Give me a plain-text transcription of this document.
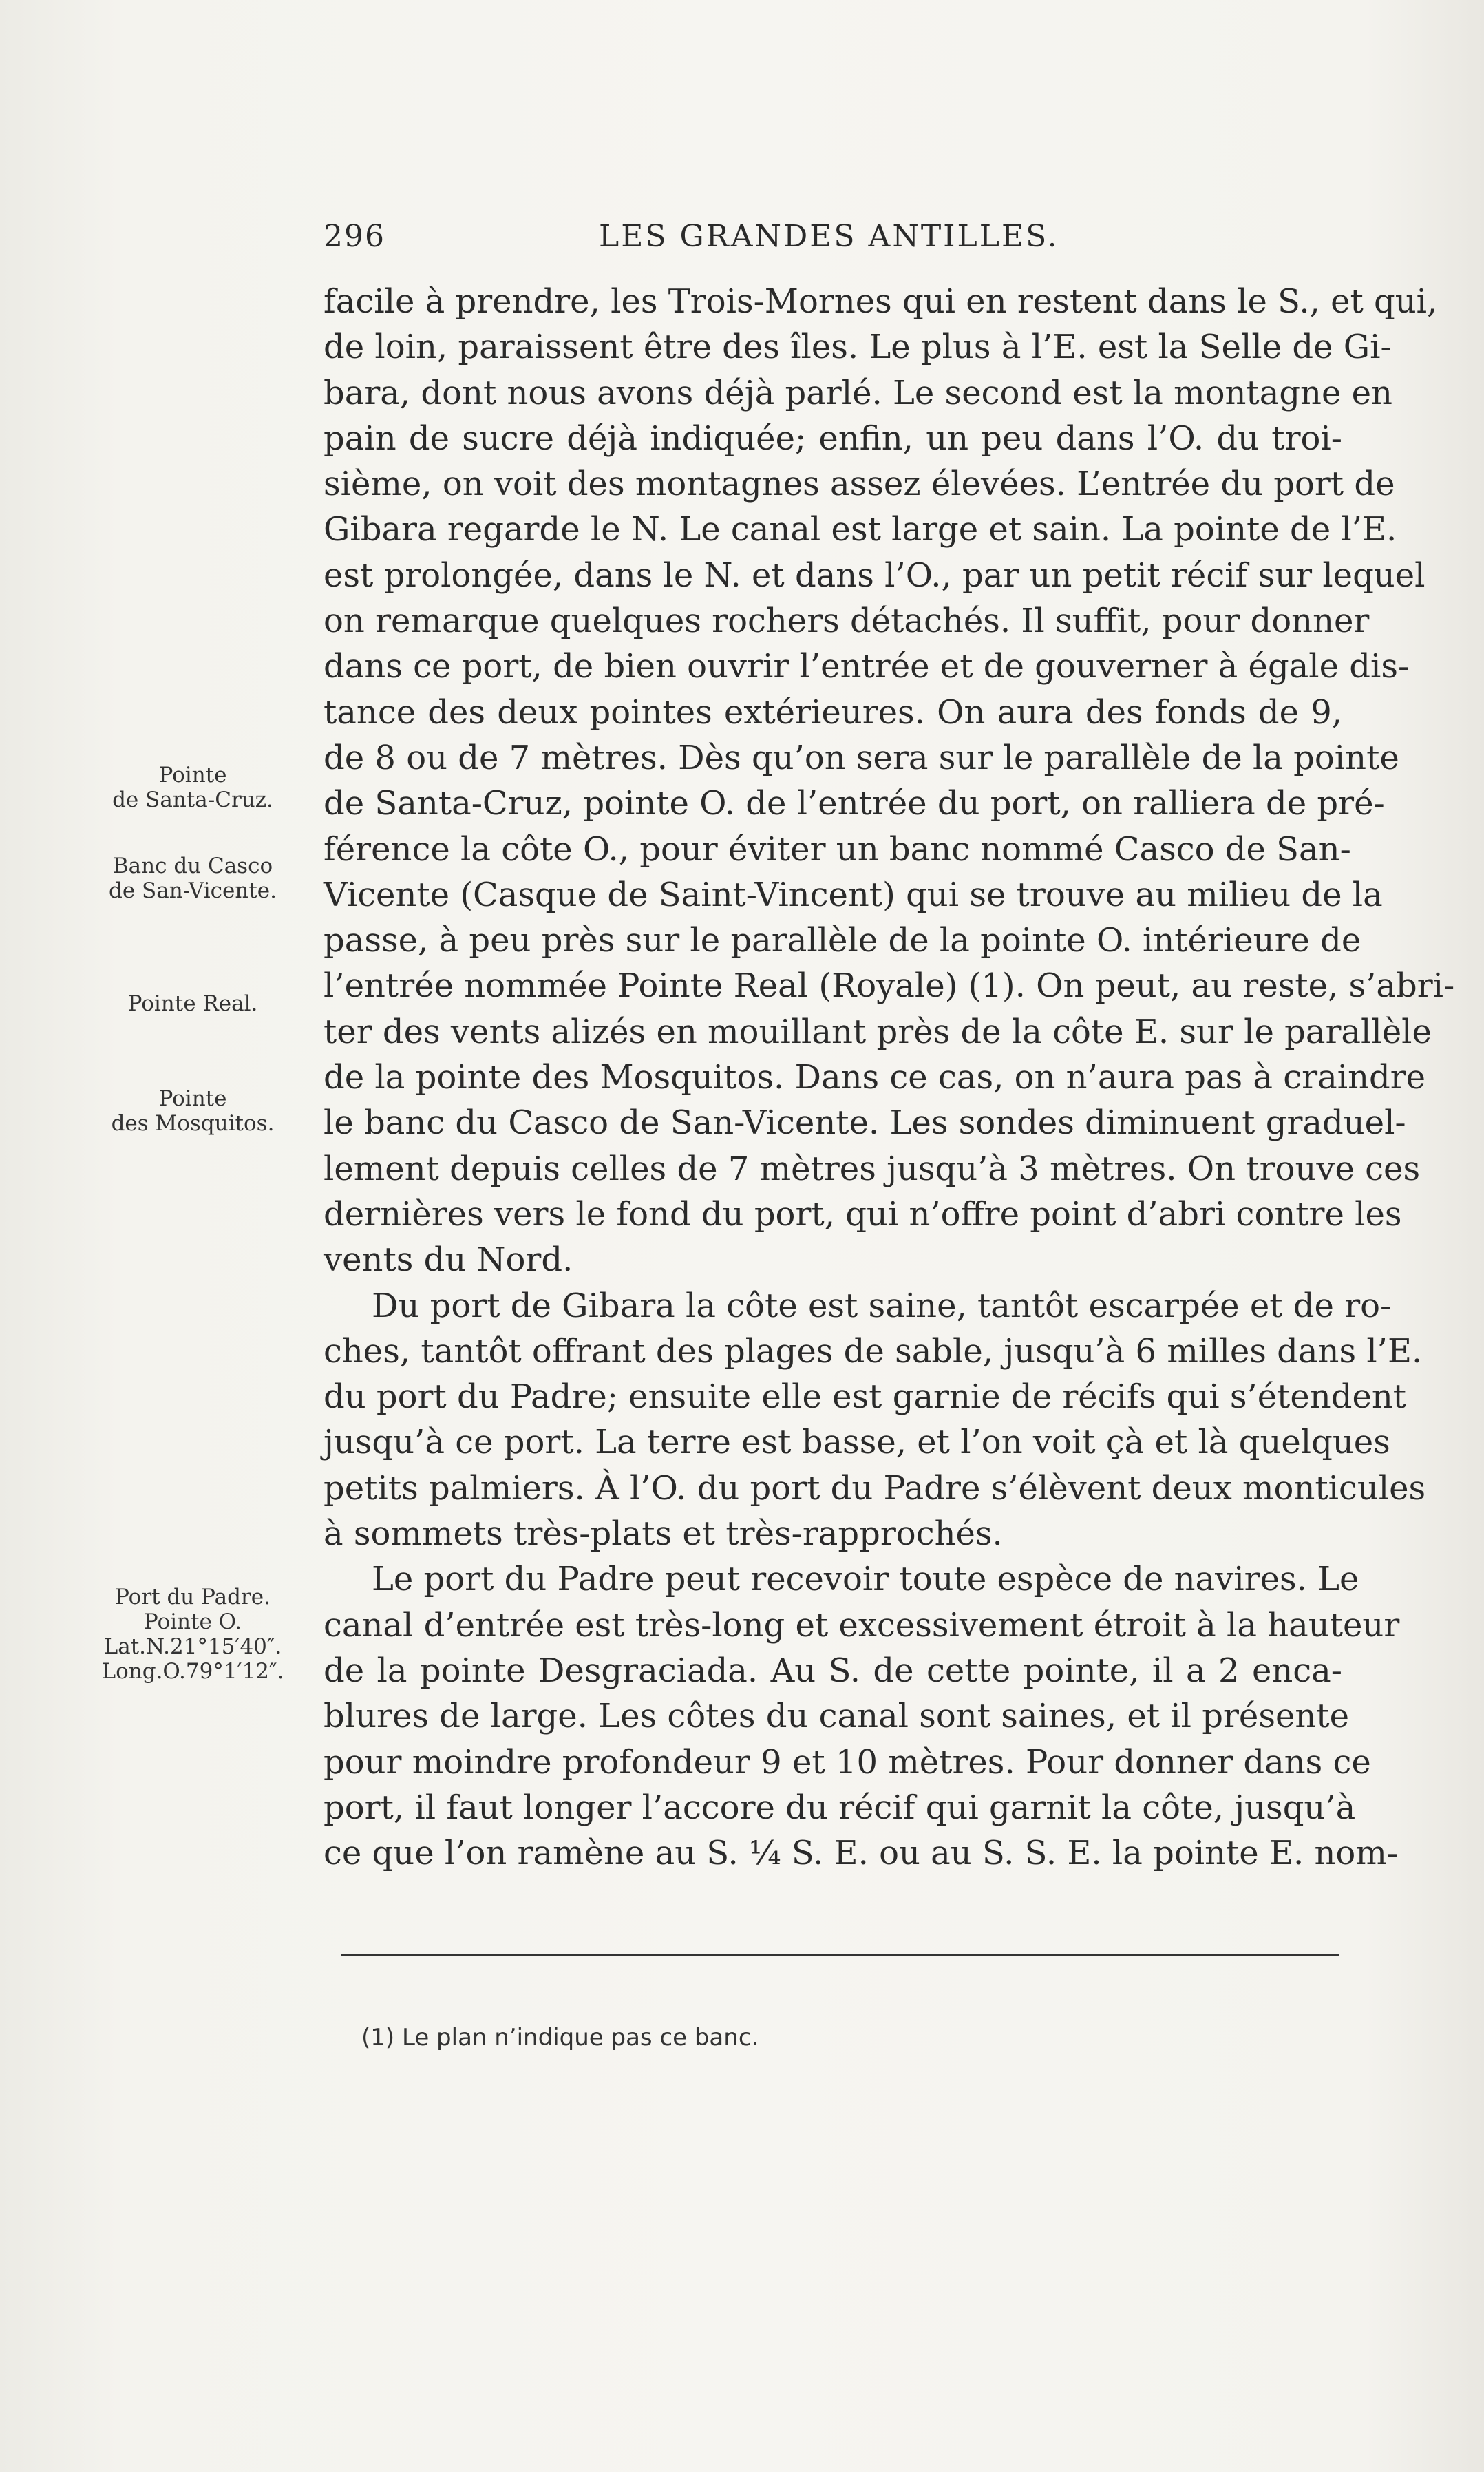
296	LES GRANDES ANTILLES.
facile à prendre, les Trois-Mornes qui en restent dans le S., et qui,
de loin, paraissent être des îles. Le plus à l’E. est la Selle de Gi-
bara, dont nous avons déjà parlé. Le second est la montagne en
pain de sucre déjà indiquée; enfin, un peu dans l’O. du troi-
sième, on voit des montagnes assez élevées. L’entrée du port de
Gibara regarde le N. Le canal est large et sain. La pointe de l’E.
est prolongée, dans le N. et dans l’O., par un petit récif sur lequel
on remarque quelques rochers détachés. Il suffit, pour donner
dans ce port, de bien ouvrir l’entrée et de gouverner à égale dis-
tance des deux pointes extérieures. On aura des fonds de 9,
de 8 ou de 7 mètres. Dès qu’on sera sur le parallèle de la pointe
de Santa-Cruz, pointe O. de l’entrée du port, on ralliera de pré-
férence la côte O., pour éviter un banc nommé Casco de San-
Vicente (Casque de Saint-Vincent) qui se trouve au milieu de la
passe, à peu près sur le parallèle de la pointe O. intérieure de
l’entrée nommée Pointe Real (Royale) (1). On peut, au reste, s’abri-
ter des vents alizés en mouillant près de la côte E. sur le parallèle
de la pointe des Mosquitos. Dans ce cas, on n’aura pas à craindre
le banc du Casco de San-Vicente. Les sondes diminuent graduel-
lement depuis celles de 7 mètres jusqu’à 3 mètres. On trouve ces
dernières vers le fond du port, qui n’offre point d’abri contre les
vents du Nord.
Du port de Gibara la côte est saine, tantôt escarpée et de ro-
ches, tantôt offrant des plages de sable, jusqu’à 6 milles dans l’E.
du port du Padre; ensuite elle est garnie de récifs qui s’étendent
jusqu’à ce port. La terre est basse, et l’on voit çà et là quelques
petits palmiers. À l’O. du port du Padre s’élèvent deux monticules
à sommets très-plats et très-rapprochés.
Le port du Padre peut recevoir toute espèce de navires. Le
canal d’entrée est très-long et excessivement étroit à la hauteur
de la pointe Desgraciada. Au S. de cette pointe, il a 2 enca-
blures de large. Les côtes du canal sont saines, et il présente
pour moindre profondeur 9 et 10 mètres. Pour donner dans ce
port, il faut longer l’accore du récif qui garnit la côte, jusqu’à
ce que l’on ramène au S. ¼ S. E. ou au S. S. E. la pointe E. nom-
Pointe
de Santa-Cruz.
Banc du Casco
de San-Vicente.
Pointe Real.
Pointe
des Mosquitos.
Port du Padre.
Pointe O.
Lat.N.21°15′40″.
Long.O.79°1′12″.
(1) Le plan n’indique pas ce banc.
